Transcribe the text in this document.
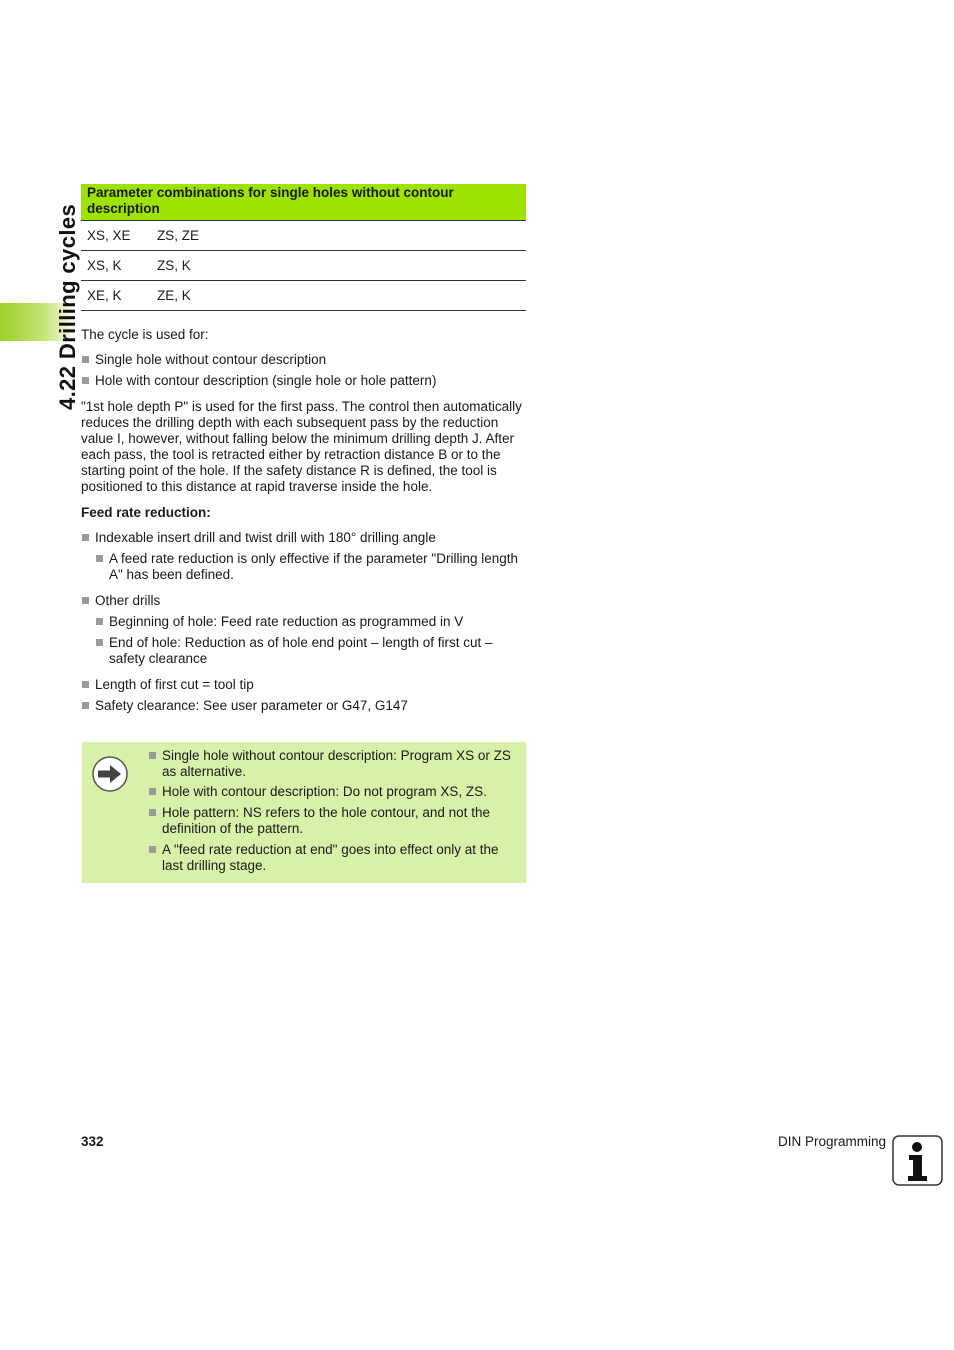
4.22 Drilling cycles
Parameter combinations for single holes without contour description	
XS, XE	ZS, ZE
XS, K	ZS, K
XE, K	ZE, K

The cycle is used for:

Single hole without contour description
Hole with contour description (single hole or hole pattern)

"1st hole depth P" is used for the first pass. The control then automatically reduces the drilling depth with each subsequent pass by the reduction value I, however, without falling below the minimum drilling depth J. After each pass, the tool is retracted either by retraction distance B or to the starting point of the hole. If the safety distance R is defined, the tool is positioned to this distance at rapid traverse inside the hole.

Feed rate reduction:

Indexable insert drill and twist drill with 180° drilling angle
A feed rate reduction is only effective if the parameter "Drilling length A" has been defined.
Other drills
Beginning of hole: Feed rate reduction as programmed in V
End of hole: Reduction as of hole end point – length of first cut – safety clearance
Length of first cut = tool tip
Safety clearance: See user parameter or G47, G147
Single hole without contour description: Program XS or ZS as alternative.
Hole with contour description: Do not program XS, ZS.
Hole pattern: NS refers to the hole contour, and not the definition of the pattern.
A "feed rate reduction at end" goes into effect only at the last drilling stage.
332	DIN Programming
